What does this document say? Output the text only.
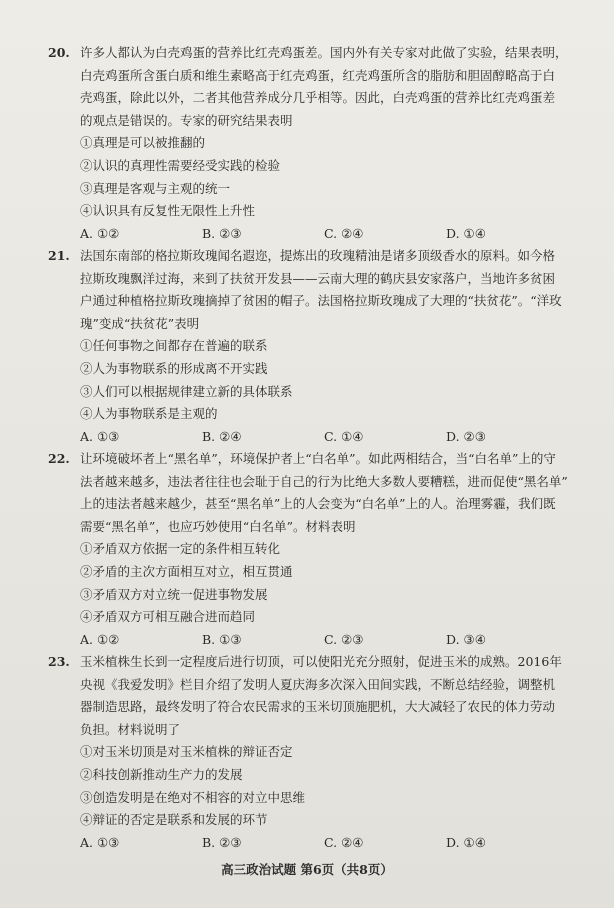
20. 许多人都认为白壳鸡蛋的营养比红壳鸡蛋差。国内外有关专家对此做了实验，结果表明，

白壳鸡蛋所含蛋白质和维生素略高于红壳鸡蛋，红壳鸡蛋所含的脂肪和胆固醇略高于白

壳鸡蛋，除此以外，二者其他营养成分几乎相等。因此，白壳鸡蛋的营养比红壳鸡蛋差

的观点是错误的。专家的研究结果表明

①真理是可以被推翻的

②认识的真理性需要经受实践的检验

③真理是客观与主观的统一

④认识具有反复性无限性上升性

A. ①②	B. ②③	C. ②④	D. ①④
21. 法国东南部的格拉斯玫瑰闻名遐迩，提炼出的玫瑰精油是诸多顶级香水的原料。如今格

拉斯玫瑰飘洋过海，来到了扶贫开发县——云南大理的鹤庆县安家落户，当地许多贫困

户通过种植格拉斯玫瑰摘掉了贫困的帽子。法国格拉斯玫瑰成了大理的“扶贫花”。“洋玫

瑰”变成“扶贫花”表明

①任何事物之间都存在普遍的联系

②人为事物联系的形成离不开实践

③人们可以根据规律建立新的具体联系

④人为事物联系是主观的

A. ①③	B. ②④	C. ①④	D. ②③
22. 让环境破坏者上“黑名单”，环境保护者上“白名单”。如此两相结合，当“白名单”上的守

法者越来越多，违法者往往也会耻于自己的行为比绝大多数人要糟糕，进而促使“黑名单”

上的违法者越来越少，甚至“黑名单”上的人会变为“白名单”上的人。治理雾霾，我们既

需要“黑名单”，也应巧妙使用“白名单”。材料表明

①矛盾双方依据一定的条件相互转化

②矛盾的主次方面相互对立，相互贯通

③矛盾双方对立统一促进事物发展

④矛盾双方可相互融合进而趋同

A. ①②	B. ①③	C. ②③	D. ③④
23. 玉米植株生长到一定程度后进行切顶，可以使阳光充分照射，促进玉米的成熟。2016年

央视《我爱发明》栏目介绍了发明人夏庆海多次深入田间实践，不断总结经验，调整机

器制造思路，最终发明了符合农民需求的玉米切顶施肥机，大大减轻了农民的体力劳动

负担。材料说明了

①对玉米切顶是对玉米植株的辩证否定

②科技创新推动生产力的发展

③创造发明是在绝对不相容的对立中思维

④辩证的否定是联系和发展的环节

A. ①③	B. ②③	C. ②④	D. ①④
高三政治试题 第6页（共8页）
